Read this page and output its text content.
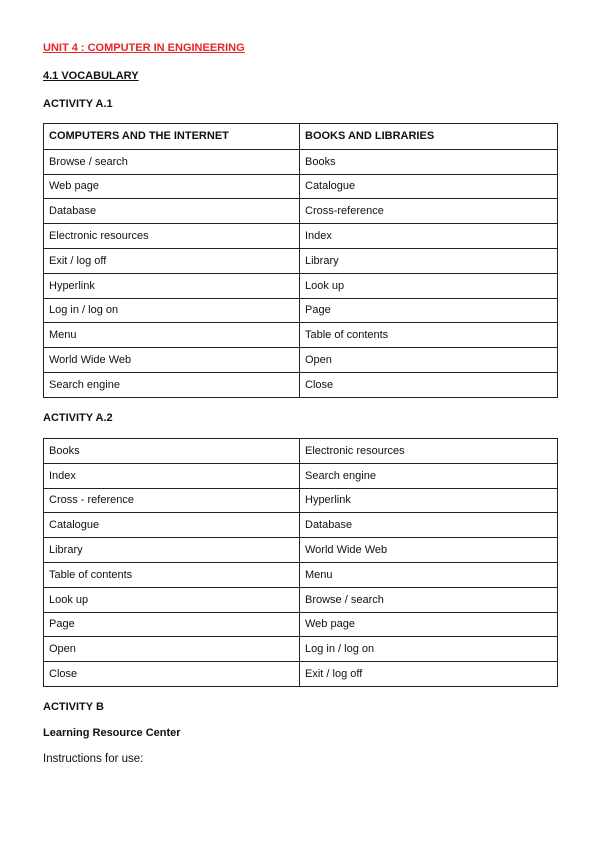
UNIT 4 : COMPUTER IN ENGINEERING
4.1 VOCABULARY
ACTIVITY A.1
COMPUTERS AND THE INTERNET	BOOKS AND LIBRARIES
Browse / search	Books
Web page	Catalogue
Database	Cross-reference
Electronic resources	Index
Exit / log off	Library
Hyperlink	Look up
Log in / log on	Page
Menu	Table of contents
World Wide Web	Open
Search engine	Close
ACTIVITY A.2
Books	Electronic resources
Index	Search engine
Cross - reference	Hyperlink
Catalogue	Database
Library	World Wide Web
Table of contents	Menu
Look up	Browse / search
Page	Web page
Open	Log in / log on
Close	Exit / log off
ACTIVITY B
Learning Resource Center
Instructions for use:
